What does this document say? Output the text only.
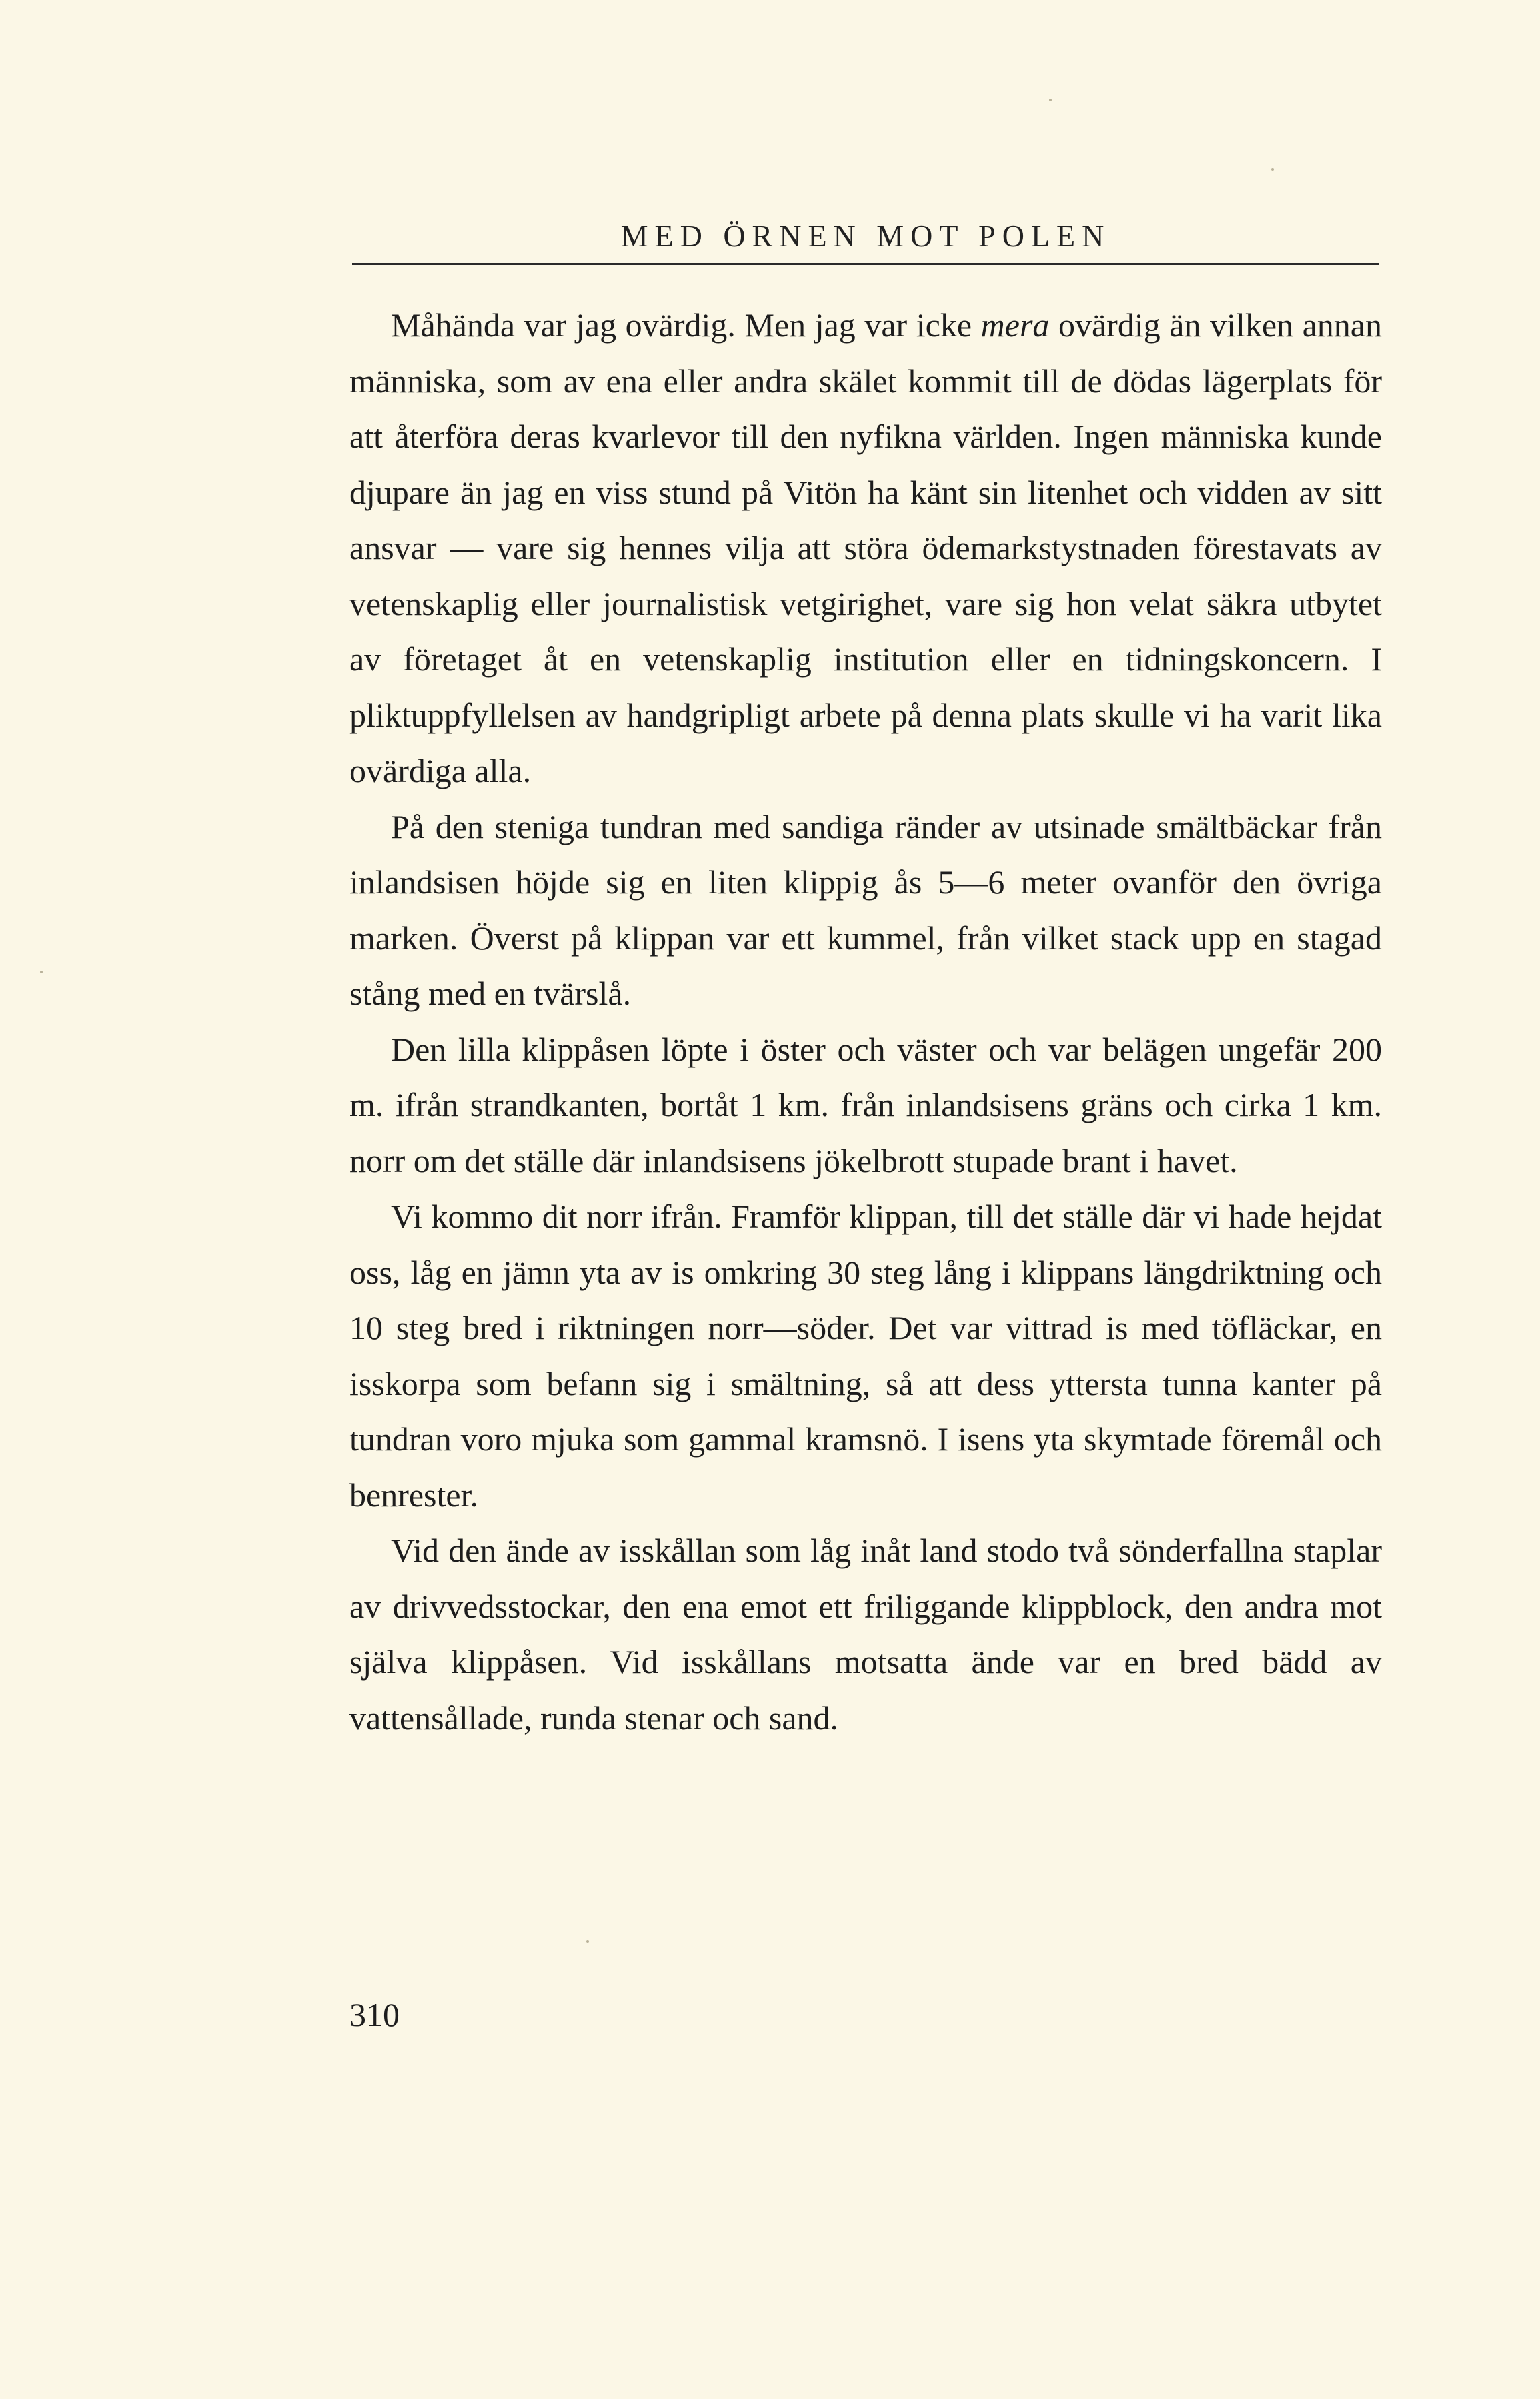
MED ÖRNEN MOT POLEN

Måhända var jag ovärdig. Men jag var icke mera ovärdig än vilken annan människa, som av ena eller andra skälet kommit till de dödas lägerplats för att återföra deras kvarlevor till den nyfikna världen. Ingen människa kunde djupare än jag en viss stund på Vitön ha känt sin litenhet och vidden av sitt ansvar — vare sig hennes vilja att störa ödemarkstystnaden förestavats av vetenskaplig eller journalistisk vetgirighet, vare sig hon velat säkra utbytet av företaget åt en vetenskaplig institution eller en tidningskoncern. I pliktuppfyllelsen av handgripligt arbete på denna plats skulle vi ha varit lika ovärdiga alla.

På den steniga tundran med sandiga ränder av utsinade smältbäckar från inlandsisen höjde sig en liten klippig ås 5—6 meter ovanför den övriga marken. Överst på klippan var ett kummel, från vilket stack upp en stagad stång med en tvärslå.

Den lilla klippåsen löpte i öster och väster och var belägen ungefär 200 m. ifrån strandkanten, bortåt 1 km. från inlandsisens gräns och cirka 1 km. norr om det ställe där inlandsisens jökelbrott stupade brant i havet.

Vi kommo dit norr ifrån. Framför klippan, till det ställe där vi hade hejdat oss, låg en jämn yta av is omkring 30 steg lång i klippans längdriktning och 10 steg bred i riktningen norr—söder. Det var vittrad is med töfläckar, en isskorpa som befann sig i smältning, så att dess yttersta tunna kanter på tundran voro mjuka som gammal kramsnö. I isens yta skymtade föremål och benrester.

Vid den ände av isskållan som låg inåt land stodo två sönderfallna staplar av drivvedsstockar, den ena emot ett friliggande klippblock, den andra mot själva klippåsen. Vid isskållans motsatta ände var en bred bädd av vattensållade, runda stenar och sand.

310
